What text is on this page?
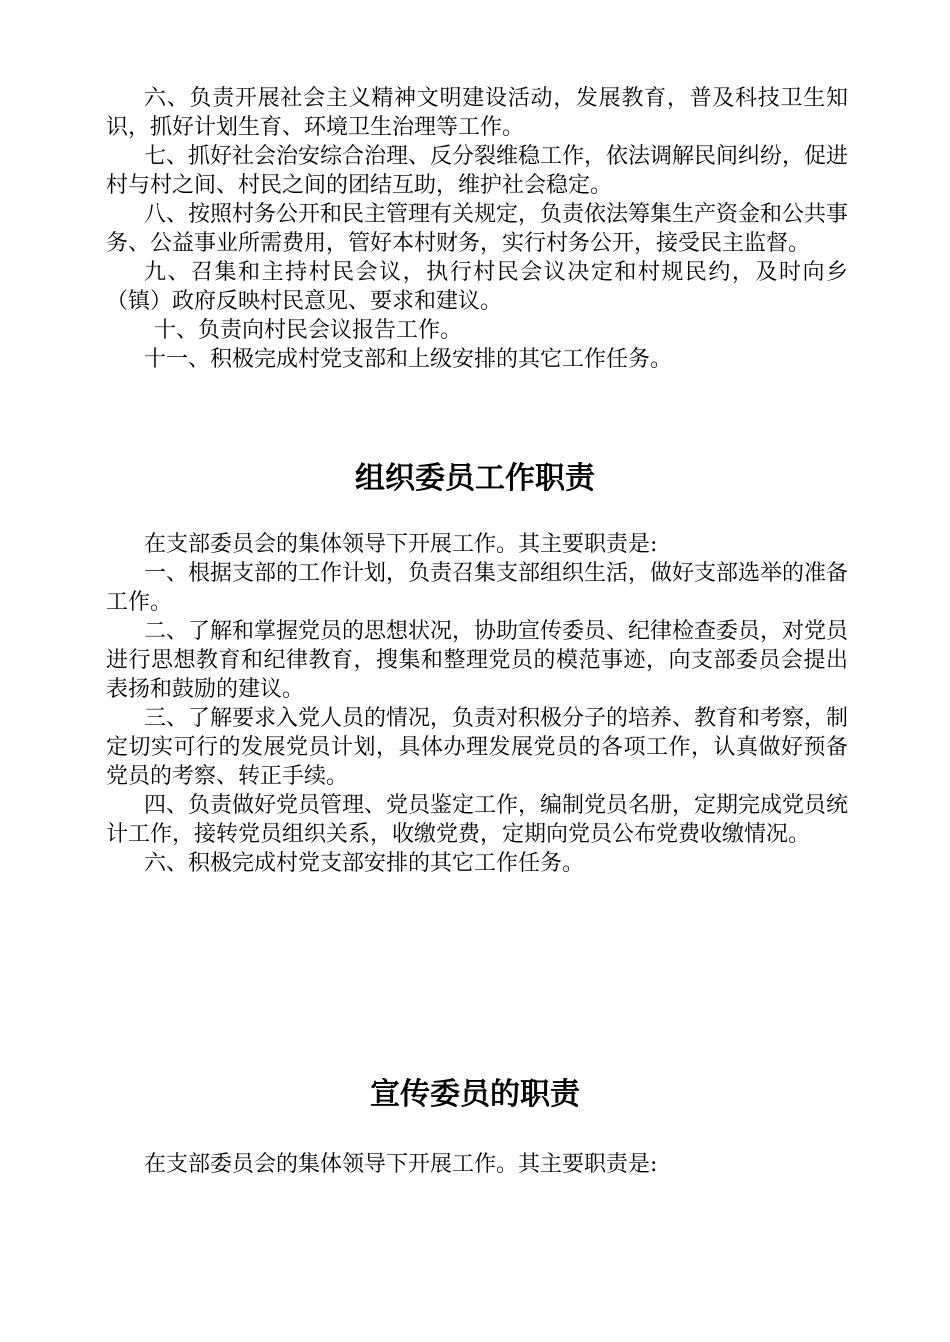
六、负责开展社会主义精神文明建设活动，发展教育，普及科技卫生知识，抓好计划生育、环境卫生治理等工作。

七、抓好社会治安综合治理、反分裂维稳工作，依法调解民间纠纷，促进村与村之间、村民之间的团结互助，维护社会稳定。

八、按照村务公开和民主管理有关规定，负责依法筹集生产资金和公共事务、公益事业所需费用，管好本村财务，实行村务公开，接受民主监督。

九、召集和主持村民会议，执行村民会议决定和村规民约，及时向乡（镇）政府反映村民意见、要求和建议。

十、负责向村民会议报告工作。

十一、积极完成村党支部和上级安排的其它工作任务。

组织委员工作职责

在支部委员会的集体领导下开展工作。其主要职责是:

一、根据支部的工作计划，负责召集支部组织生活，做好支部选举的准备工作。

二、了解和掌握党员的思想状况，协助宣传委员、纪律检查委员，对党员进行思想教育和纪律教育，搜集和整理党员的模范事迹，向支部委员会提出表扬和鼓励的建议。

三、了解要求入党人员的情况，负责对积极分子的培养、教育和考察，制定切实可行的发展党员计划，具体办理发展党员的各项工作，认真做好预备党员的考察、转正手续。

四、负责做好党员管理、党员鉴定工作，编制党员名册，定期完成党员统计工作，接转党员组织关系，收缴党费，定期向党员公布党费收缴情况。

六、积极完成村党支部安排的其它工作任务。

宣传委员的职责

在支部委员会的集体领导下开展工作。其主要职责是:
